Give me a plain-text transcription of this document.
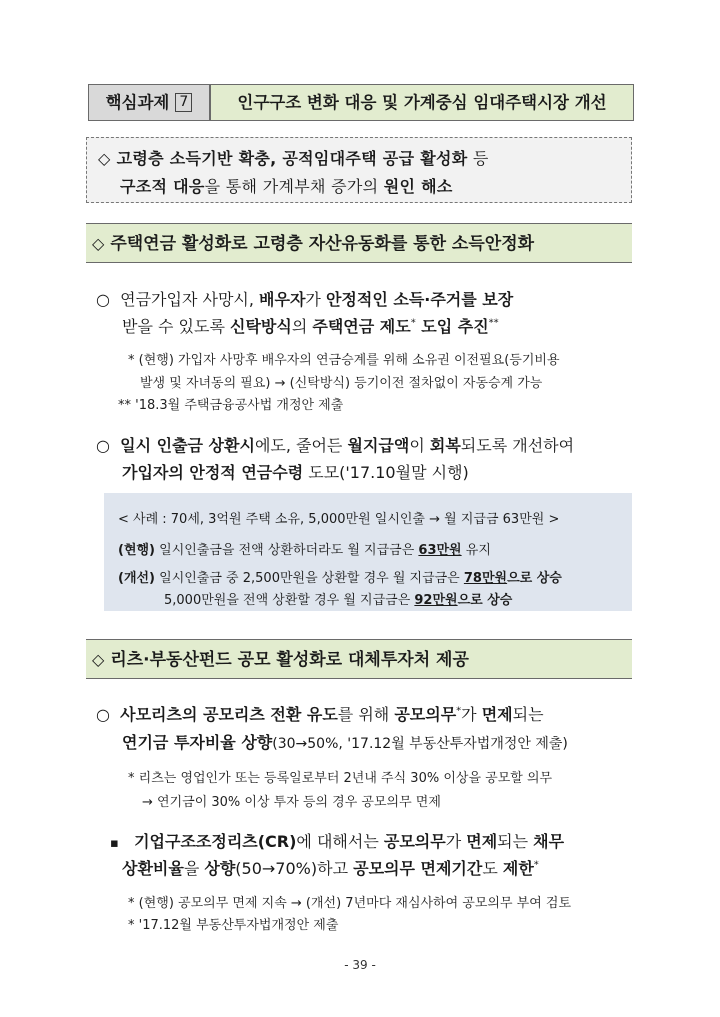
핵심과제 7	인구구조 변화 대응 및 가계중심 임대주택시장 개선
◇ 고령층 소득기반 확충, 공적임대주택 공급 활성화 등
구조적 대응을 통해 가계부채 증가의 원인 해소
◇ 주택연금 활성화로 고령층 자산유동화를 통한 소득안정화
○ 연금가입자 사망시, 배우자가 안정적인 소득·주거를 보장
받을 수 있도록 신탁방식의 주택연금 제도* 도입 추진**
* (현행) 가입자 사망후 배우자의 연금승계를 위해 소유권 이전필요(등기비용
발생 및 자녀동의 필요) → (신탁방식) 등기이전 절차없이 자동승계 가능
** '18.3월 주택금융공사법 개정안 제출
○ 일시 인출금 상환시에도, 줄어든 월지급액이 회복되도록 개선하여
가입자의 안정적 연금수령 도모('17.10월말 시행)
< 사례 : 70세, 3억원 주택 소유, 5,000만원 일시인출 → 월 지급금 63만원 >
(현행) 일시인출금을 전액 상환하더라도 월 지급금은 63만원 유지
(개선) 일시인출금 중 2,500만원을 상환할 경우 월 지급금은 78만원으로 상승
5,000만원을 전액 상환할 경우 월 지급금은 92만원으로 상승
◇ 리츠·부동산펀드 공모 활성화로 대체투자처 제공
○ 사모리츠의 공모리츠 전환 유도를 위해 공모의무*가 면제되는
연기금 투자비율 상향(30→50%, '17.12월 부동산투자법개정안 제출)
* 리츠는 영업인가 또는 등록일로부터 2년내 주식 30% 이상을 공모할 의무
→ 연기금이 30% 이상 투자 등의 경우 공모의무 면제
▪ 기업구조조정리츠(CR)에 대해서는 공모의무가 면제되는 채무
상환비율을 상향(50→70%)하고 공모의무 면제기간도 제한*
* (현행) 공모의무 면제 지속 → (개선) 7년마다 재심사하여 공모의무 부여 검토
* '17.12월 부동산투자법개정안 제출
- 39 -
